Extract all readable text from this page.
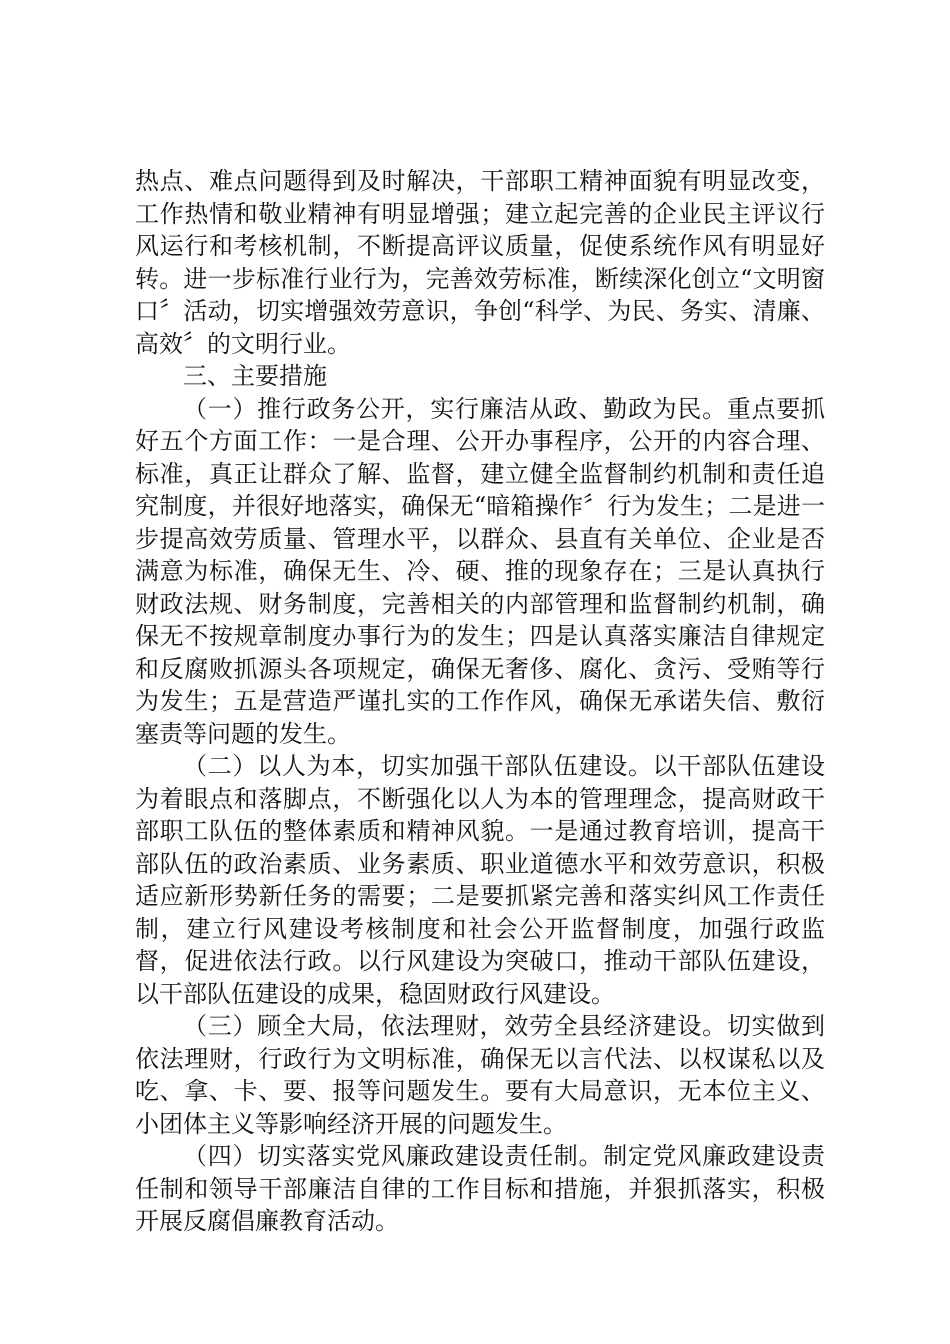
热点、难点问题得到及时解决，干部职工精神面貌有明显改变，工作热情和敬业精神有明显增强；建立起完善的企业民主评议行风运行和考核机制，不断提高评议质量，促使系统作风有明显好转。进一步标准行业行为，完善效劳标准，断续深化创立“文明窗口〞活动，切实增强效劳意识，争创“科学、为民、务实、清廉、高效〞的文明行业。

三、主要措施

（一）推行政务公开，实行廉洁从政、勤政为民。重点要抓好五个方面工作：一是合理、公开办事程序，公开的内容合理、标准，真正让群众了解、监督，建立健全监督制约机制和责任追究制度，并很好地落实，确保无“暗箱操作〞行为发生；二是进一步提高效劳质量、管理水平，以群众、县直有关单位、企业是否满意为标准，确保无生、冷、硬、推的现象存在；三是认真执行财政法规、财务制度，完善相关的内部管理和监督制约机制，确保无不按规章制度办事行为的发生；四是认真落实廉洁自律规定和反腐败抓源头各项规定，确保无奢侈、腐化、贪污、受贿等行为发生；五是营造严谨扎实的工作作风，确保无承诺失信、敷衍塞责等问题的发生。

（二）以人为本，切实加强干部队伍建设。以干部队伍建设为着眼点和落脚点，不断强化以人为本的管理理念，提高财政干部职工队伍的整体素质和精神风貌。一是通过教育培训，提高干部队伍的政治素质、业务素质、职业道德水平和效劳意识，积极适应新形势新任务的需要；二是要抓紧完善和落实纠风工作责任制，建立行风建设考核制度和社会公开监督制度，加强行政监督，促进依法行政。以行风建设为突破口，推动干部队伍建设，以干部队伍建设的成果，稳固财政行风建设。

（三）顾全大局，依法理财，效劳全县经济建设。切实做到依法理财，行政行为文明标准，确保无以言代法、以权谋私以及吃、拿、卡、要、报等问题发生。要有大局意识，无本位主义、小团体主义等影响经济开展的问题发生。

（四）切实落实党风廉政建设责任制。制定党风廉政建设责任制和领导干部廉洁自律的工作目标和措施，并狠抓落实，积极开展反腐倡廉教育活动。
